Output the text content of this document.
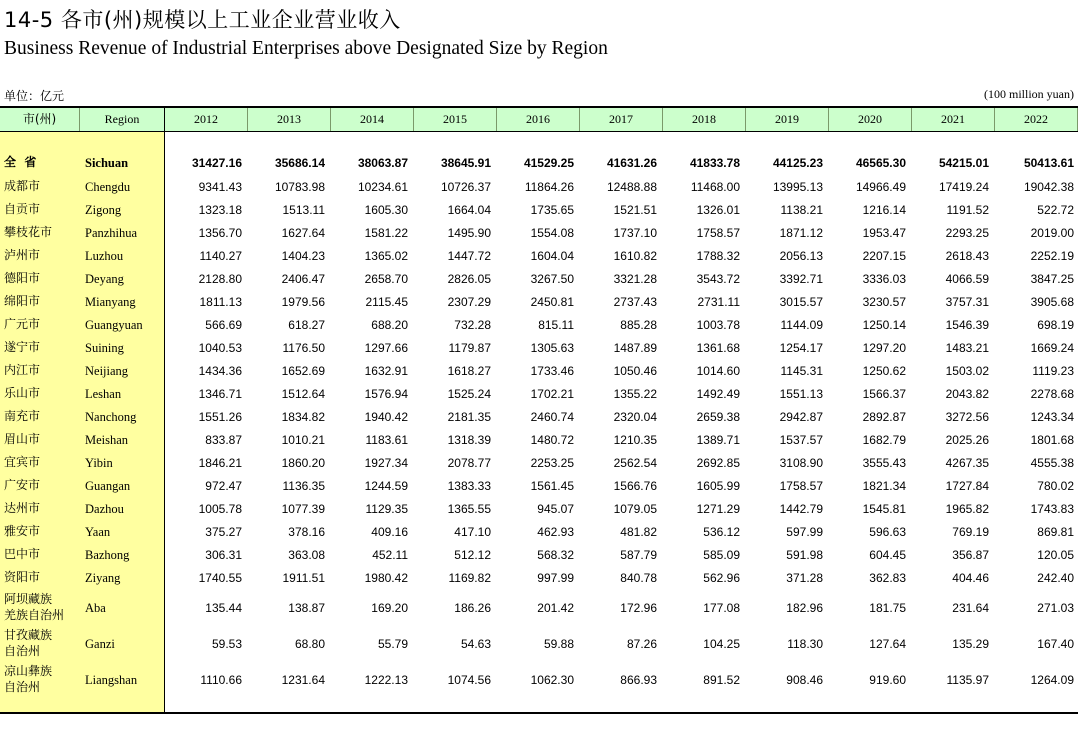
14-5 各市(州)规模以上工业企业营业收入
Business Revenue of Industrial Enterprises above Designated Size by Region
单位：亿元	(100 million yuan)
市(州)	Region	2012	2013	2014	2015	2016	2017	2018	2019	2020	2021	2022
全  省	Sichuan	31427.16	35686.14	38063.87	38645.91	41529.25	41631.26	41833.78	44125.23	46565.30	54215.01	50413.61
成都市	Chengdu	9341.43	10783.98	10234.61	10726.37	11864.26	12488.88	11468.00	13995.13	14966.49	17419.24	19042.38
自贡市	Zigong	1323.18	1513.11	1605.30	1664.04	1735.65	1521.51	1326.01	1138.21	1216.14	1191.52	522.72
攀枝花市	Panzhihua	1356.70	1627.64	1581.22	1495.90	1554.08	1737.10	1758.57	1871.12	1953.47	2293.25	2019.00
泸州市	Luzhou	1140.27	1404.23	1365.02	1447.72	1604.04	1610.82	1788.32	2056.13	2207.15	2618.43	2252.19
德阳市	Deyang	2128.80	2406.47	2658.70	2826.05	3267.50	3321.28	3543.72	3392.71	3336.03	4066.59	3847.25
绵阳市	Mianyang	1811.13	1979.56	2115.45	2307.29	2450.81	2737.43	2731.11	3015.57	3230.57	3757.31	3905.68
广元市	Guangyuan	566.69	618.27	688.20	732.28	815.11	885.28	1003.78	1144.09	1250.14	1546.39	698.19
遂宁市	Suining	1040.53	1176.50	1297.66	1179.87	1305.63	1487.89	1361.68	1254.17	1297.20	1483.21	1669.24
内江市	Neijiang	1434.36	1652.69	1632.91	1618.27	1733.46	1050.46	1014.60	1145.31	1250.62	1503.02	1119.23
乐山市	Leshan	1346.71	1512.64	1576.94	1525.24	1702.21	1355.22	1492.49	1551.13	1566.37	2043.82	2278.68
南充市	Nanchong	1551.26	1834.82	1940.42	2181.35	2460.74	2320.04	2659.38	2942.87	2892.87	3272.56	1243.34
眉山市	Meishan	833.87	1010.21	1183.61	1318.39	1480.72	1210.35	1389.71	1537.57	1682.79	2025.26	1801.68
宜宾市	Yibin	1846.21	1860.20	1927.34	2078.77	2253.25	2562.54	2692.85	3108.90	3555.43	4267.35	4555.38
广安市	Guangan	972.47	1136.35	1244.59	1383.33	1561.45	1566.76	1605.99	1758.57	1821.34	1727.84	780.02
达州市	Dazhou	1005.78	1077.39	1129.35	1365.55	945.07	1079.05	1271.29	1442.79	1545.81	1965.82	1743.83
雅安市	Yaan	375.27	378.16	409.16	417.10	462.93	481.82	536.12	597.99	596.63	769.19	869.81
巴中市	Bazhong	306.31	363.08	452.11	512.12	568.32	587.79	585.09	591.98	604.45	356.87	120.05
资阳市	Ziyang	1740.55	1911.51	1980.42	1169.82	997.99	840.78	562.96	371.28	362.83	404.46	242.40
阿坝藏族
羌族自治州 Aba	135.44	138.87	169.20	186.26	201.42	172.96	177.08	182.96	181.75	231.64	271.03
甘孜藏族
自治州	Ganzi	59.53	68.80	55.79	54.63	59.88	87.26	104.25	118.30	127.64	135.29	167.40
凉山彝族
自治州	Liangshan	1110.66	1231.64	1222.13	1074.56	1062.30	866.93	891.52	908.46	919.60	1135.97	1264.09
